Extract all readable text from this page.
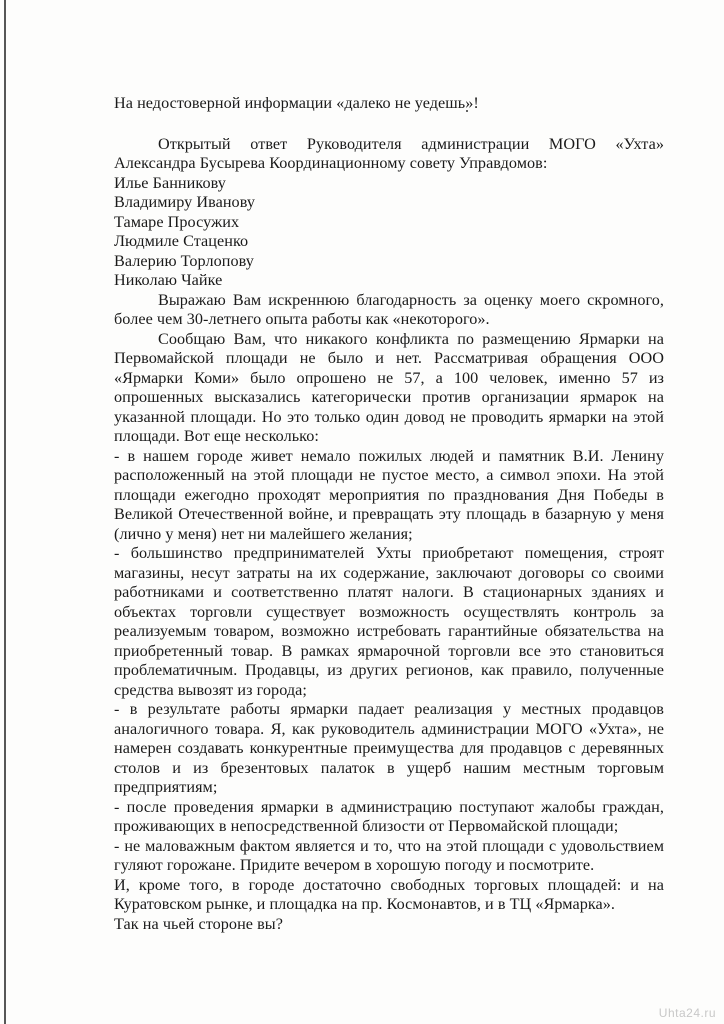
На недостоверной информации «далеко не уедешь»!
Открытый ответ Руководителя администрации МОГО «Ухта»
Александра Бусырева Координационному совету Управдомов:
Илье Банникову
Владимиру Иванову
Тамаре Просужих
Людмиле Стаценко
Валерию Торлопову
Николаю Чайке
Выражаю Вам искреннюю благодарность за оценку моего скромного,
более чем 30-летнего опыта работы как «некоторого».
Сообщаю Вам, что никакого конфликта по размещению Ярмарки на
Первомайской площади не было и нет. Рассматривая обращения ООО
«Ярмарки Коми» было опрошено не 57, а 100 человек, именно 57 из
опрошенных высказались категорически против организации ярмарок на
указанной площади. Но это только один довод не проводить ярмарки на этой
площади. Вот еще несколько:
- в нашем городе живет немало пожилых людей и памятник В.И. Ленину
расположенный на этой площади не пустое место, а символ эпохи. На этой
площади ежегодно проходят мероприятия по празднования Дня Победы в
Великой Отечественной войне, и превращать эту площадь в базарную у меня
(лично у меня) нет ни малейшего желания;
- большинство предпринимателей Ухты приобретают помещения, строят
магазины, несут затраты на их содержание, заключают договоры со своими
работниками и соответственно платят налоги. В стационарных зданиях и
объектах торговли существует возможность осуществлять контроль за
реализуемым товаром, возможно истребовать гарантийные обязательства на
приобретенный товар. В рамках ярмарочной торговли все это становиться
проблематичным. Продавцы, из других регионов, как правило, полученные
средства вывозят из города;
- в результате работы ярмарки падает реализация у местных продавцов
аналогичного товара. Я, как руководитель администрации МОГО «Ухта», не
намерен создавать конкурентные преимущества для продавцов с деревянных
столов и из брезентовых палаток в ущерб нашим местным торговым
предприятиям;
- после проведения ярмарки в администрацию поступают жалобы граждан,
проживающих в непосредственной близости от Первомайской площади;
- не маловажным фактом является и то, что на этой площади с удовольствием
гуляют горожане. Придите вечером в хорошую погоду и посмотрите.
И, кроме того, в городе достаточно свободных торговых площадей: и на
Куратовском рынке, и площадка на пр. Космонавтов, и в ТЦ «Ярмарка».
Так на чьей стороне вы?
Uhta24.ru
